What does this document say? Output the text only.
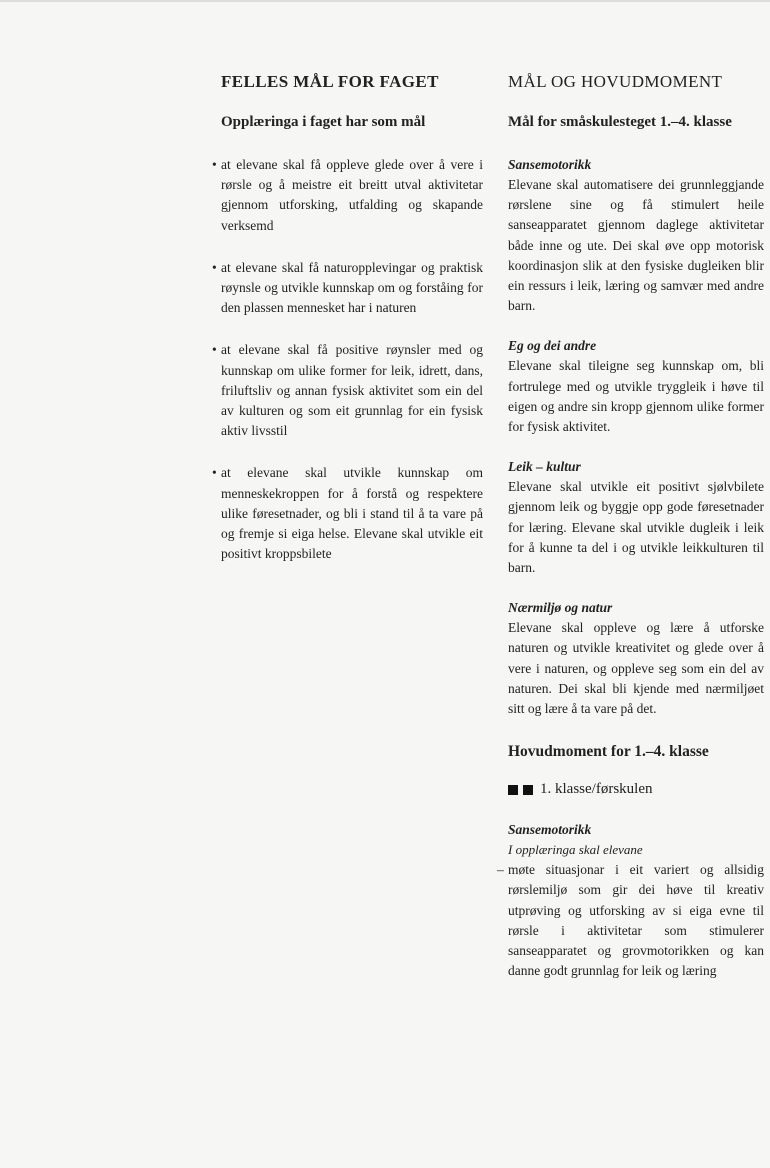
FELLES MÅL FOR FAGET
Opplæringa i faget har som mål
• at elevane skal få oppleve glede over å vere i rørsle og å meistre eit breitt utval aktivitetar gjennom utforsking, utfalding og skapande verksemd
• at elevane skal få naturopplevingar og praktisk røynsle og utvikle kunnskap om og forståing for den plassen mennesket har i naturen
• at elevane skal få positive røynsler med og kunnskap om ulike former for leik, idrett, dans, friluftsliv og annan fysisk aktivitet som ein del av kulturen og som eit grunnlag for ein fysisk aktiv livsstil
• at elevane skal utvikle kunnskap om menneskekroppen for å forstå og respektere ulike føresetnader, og bli i stand til å ta vare på og fremje si eiga helse. Elevane skal utvikle eit positivt kroppsbilete
MÅL OG HOVUDMOMENT
Mål for småskulesteget 1.–4. klasse

Sansemotorikk

Elevane skal automatisere dei grunnleggjande rørslene sine og få stimulert heile sanseapparatet gjennom daglege aktivitetar både inne og ute. Dei skal øve opp motorisk koordinasjon slik at den fysiske dugleiken blir ein ressurs i leik, læring og samvær med andre barn.

Eg og dei andre

Elevane skal tileigne seg kunnskap om, bli fortrulege med og utvikle tryggleik i høve til eigen og andre sin kropp gjennom ulike former for fysisk aktivitet.

Leik – kultur

Elevane skal utvikle eit positivt sjølvbilete gjennom leik og byggje opp gode føresetnader for læring. Elevane skal utvikle dugleik i leik for å kunne ta del i og utvikle leikkulturen til barn.

Nærmiljø og natur

Elevane skal oppleve og lære å utforske naturen og utvikle kreativitet og glede over å vere i naturen, og oppleve seg som ein del av naturen. Dei skal bli kjende med nærmiljøet sitt og lære å ta vare på det.

Hovudmoment for 1.–4. klasse
1. klasse/førskulen

Sansemotorikk

I opplæringa skal elevane

– møte situasjonar i eit variert og allsidig rørslemiljø som gir dei høve til kreativ utprøving og utforsking av si eiga evne til rørsle i aktivitetar som stimulerer sanseapparatet og grovmotorikken og kan danne godt grunnlag for leik og læring
